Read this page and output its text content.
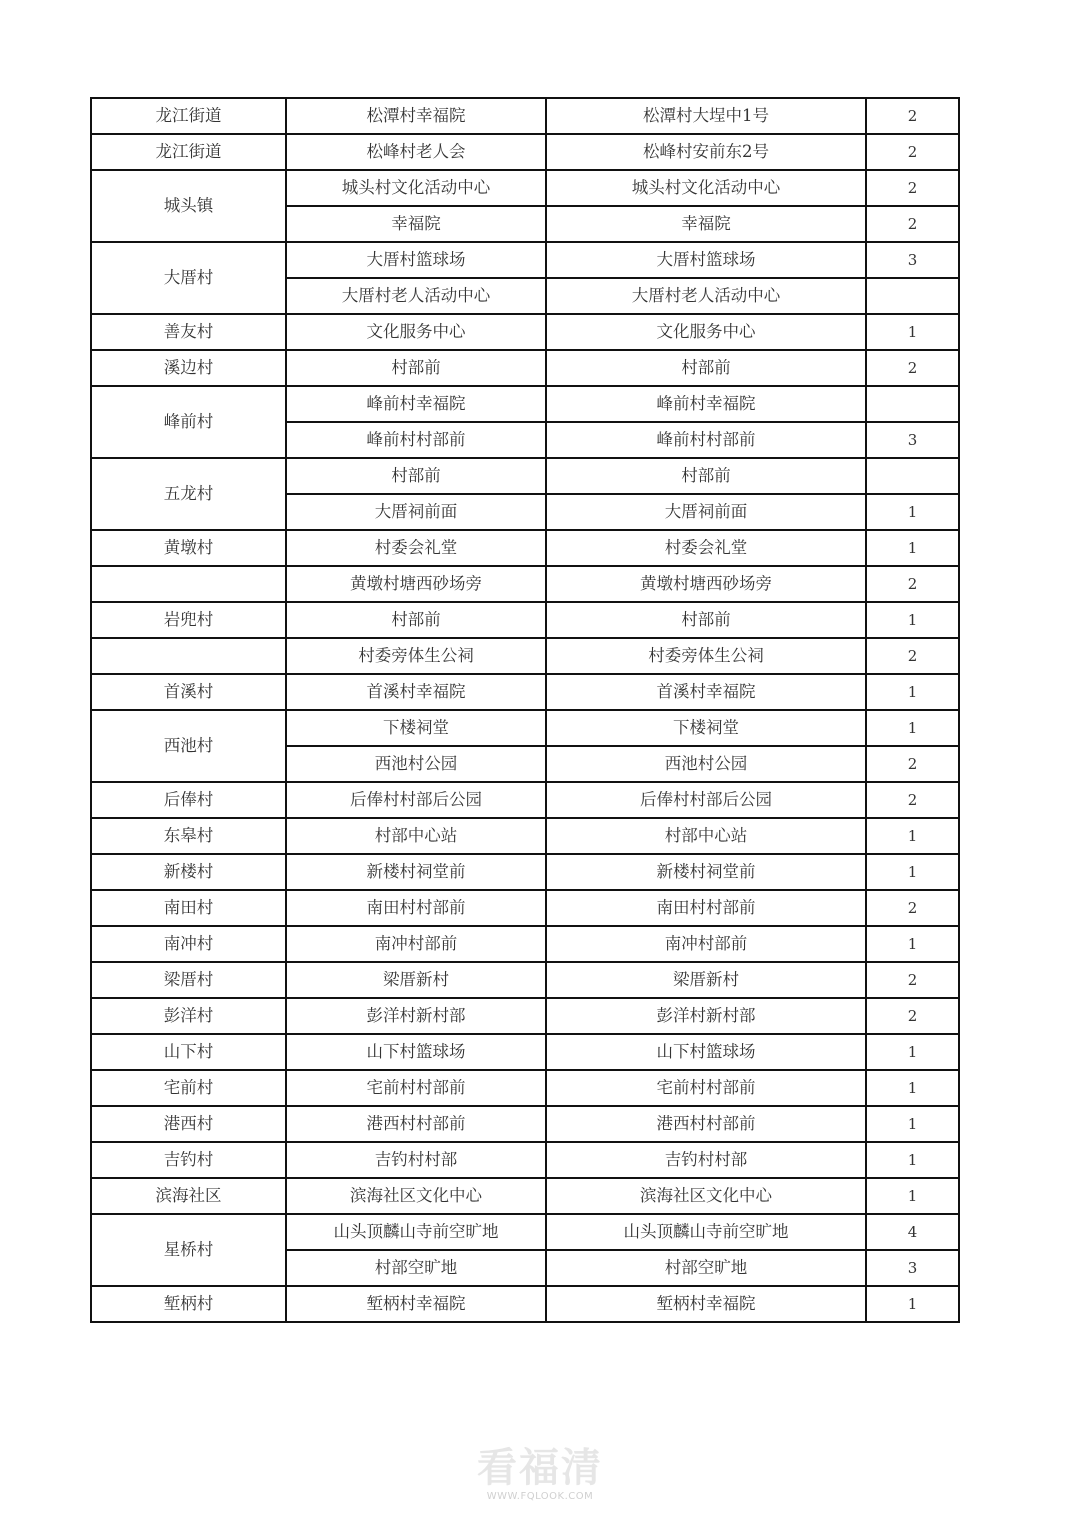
龙江街道	松潭村幸福院	松潭村大埕中1号	2
龙江街道	松峰村老人会	松峰村安前东2号	2
城头镇	城头村文化活动中心	城头村文化活动中心	2
	幸福院	幸福院	2
大厝村	大厝村篮球场	大厝村篮球场	3
	大厝村老人活动中心	大厝村老人活动中心	
善友村	文化服务中心	文化服务中心	1
溪边村	村部前	村部前	2
峰前村	峰前村幸福院	峰前村幸福院	
	峰前村村部前	峰前村村部前	3
五龙村	村部前	村部前	
	大厝祠前面	大厝祠前面	1
黄墩村	村委会礼堂	村委会礼堂	1
	黄墩村塘西砂场旁	黄墩村塘西砂场旁	2
岩兜村	村部前	村部前	1
	村委旁体生公祠	村委旁体生公祠	2
首溪村	首溪村幸福院	首溪村幸福院	1
西池村	下楼祠堂	下楼祠堂	1
	西池村公园	西池村公园	2
后俸村	后俸村村部后公园	后俸村村部后公园	2
东皋村	村部中心站	村部中心站	1
新楼村	新楼村祠堂前	新楼村祠堂前	1
南田村	南田村村部前	南田村村部前	2
南冲村	南冲村部前	南冲村部前	1
梁厝村	梁厝新村	梁厝新村	2
彭洋村	彭洋村新村部	彭洋村新村部	2
山下村	山下村篮球场	山下村篮球场	1
宅前村	宅前村村部前	宅前村村部前	1
港西村	港西村村部前	港西村村部前	1
吉钓村	吉钓村村部	吉钓村村部	1
滨海社区	滨海社区文化中心	滨海社区文化中心	1
星桥村	山头顶麟山寺前空旷地	山头顶麟山寺前空旷地	4
	村部空旷地	村部空旷地	3
堑柄村	堑柄村幸福院	堑柄村幸福院	1
看福清
WWW.FQLOOK.COM
